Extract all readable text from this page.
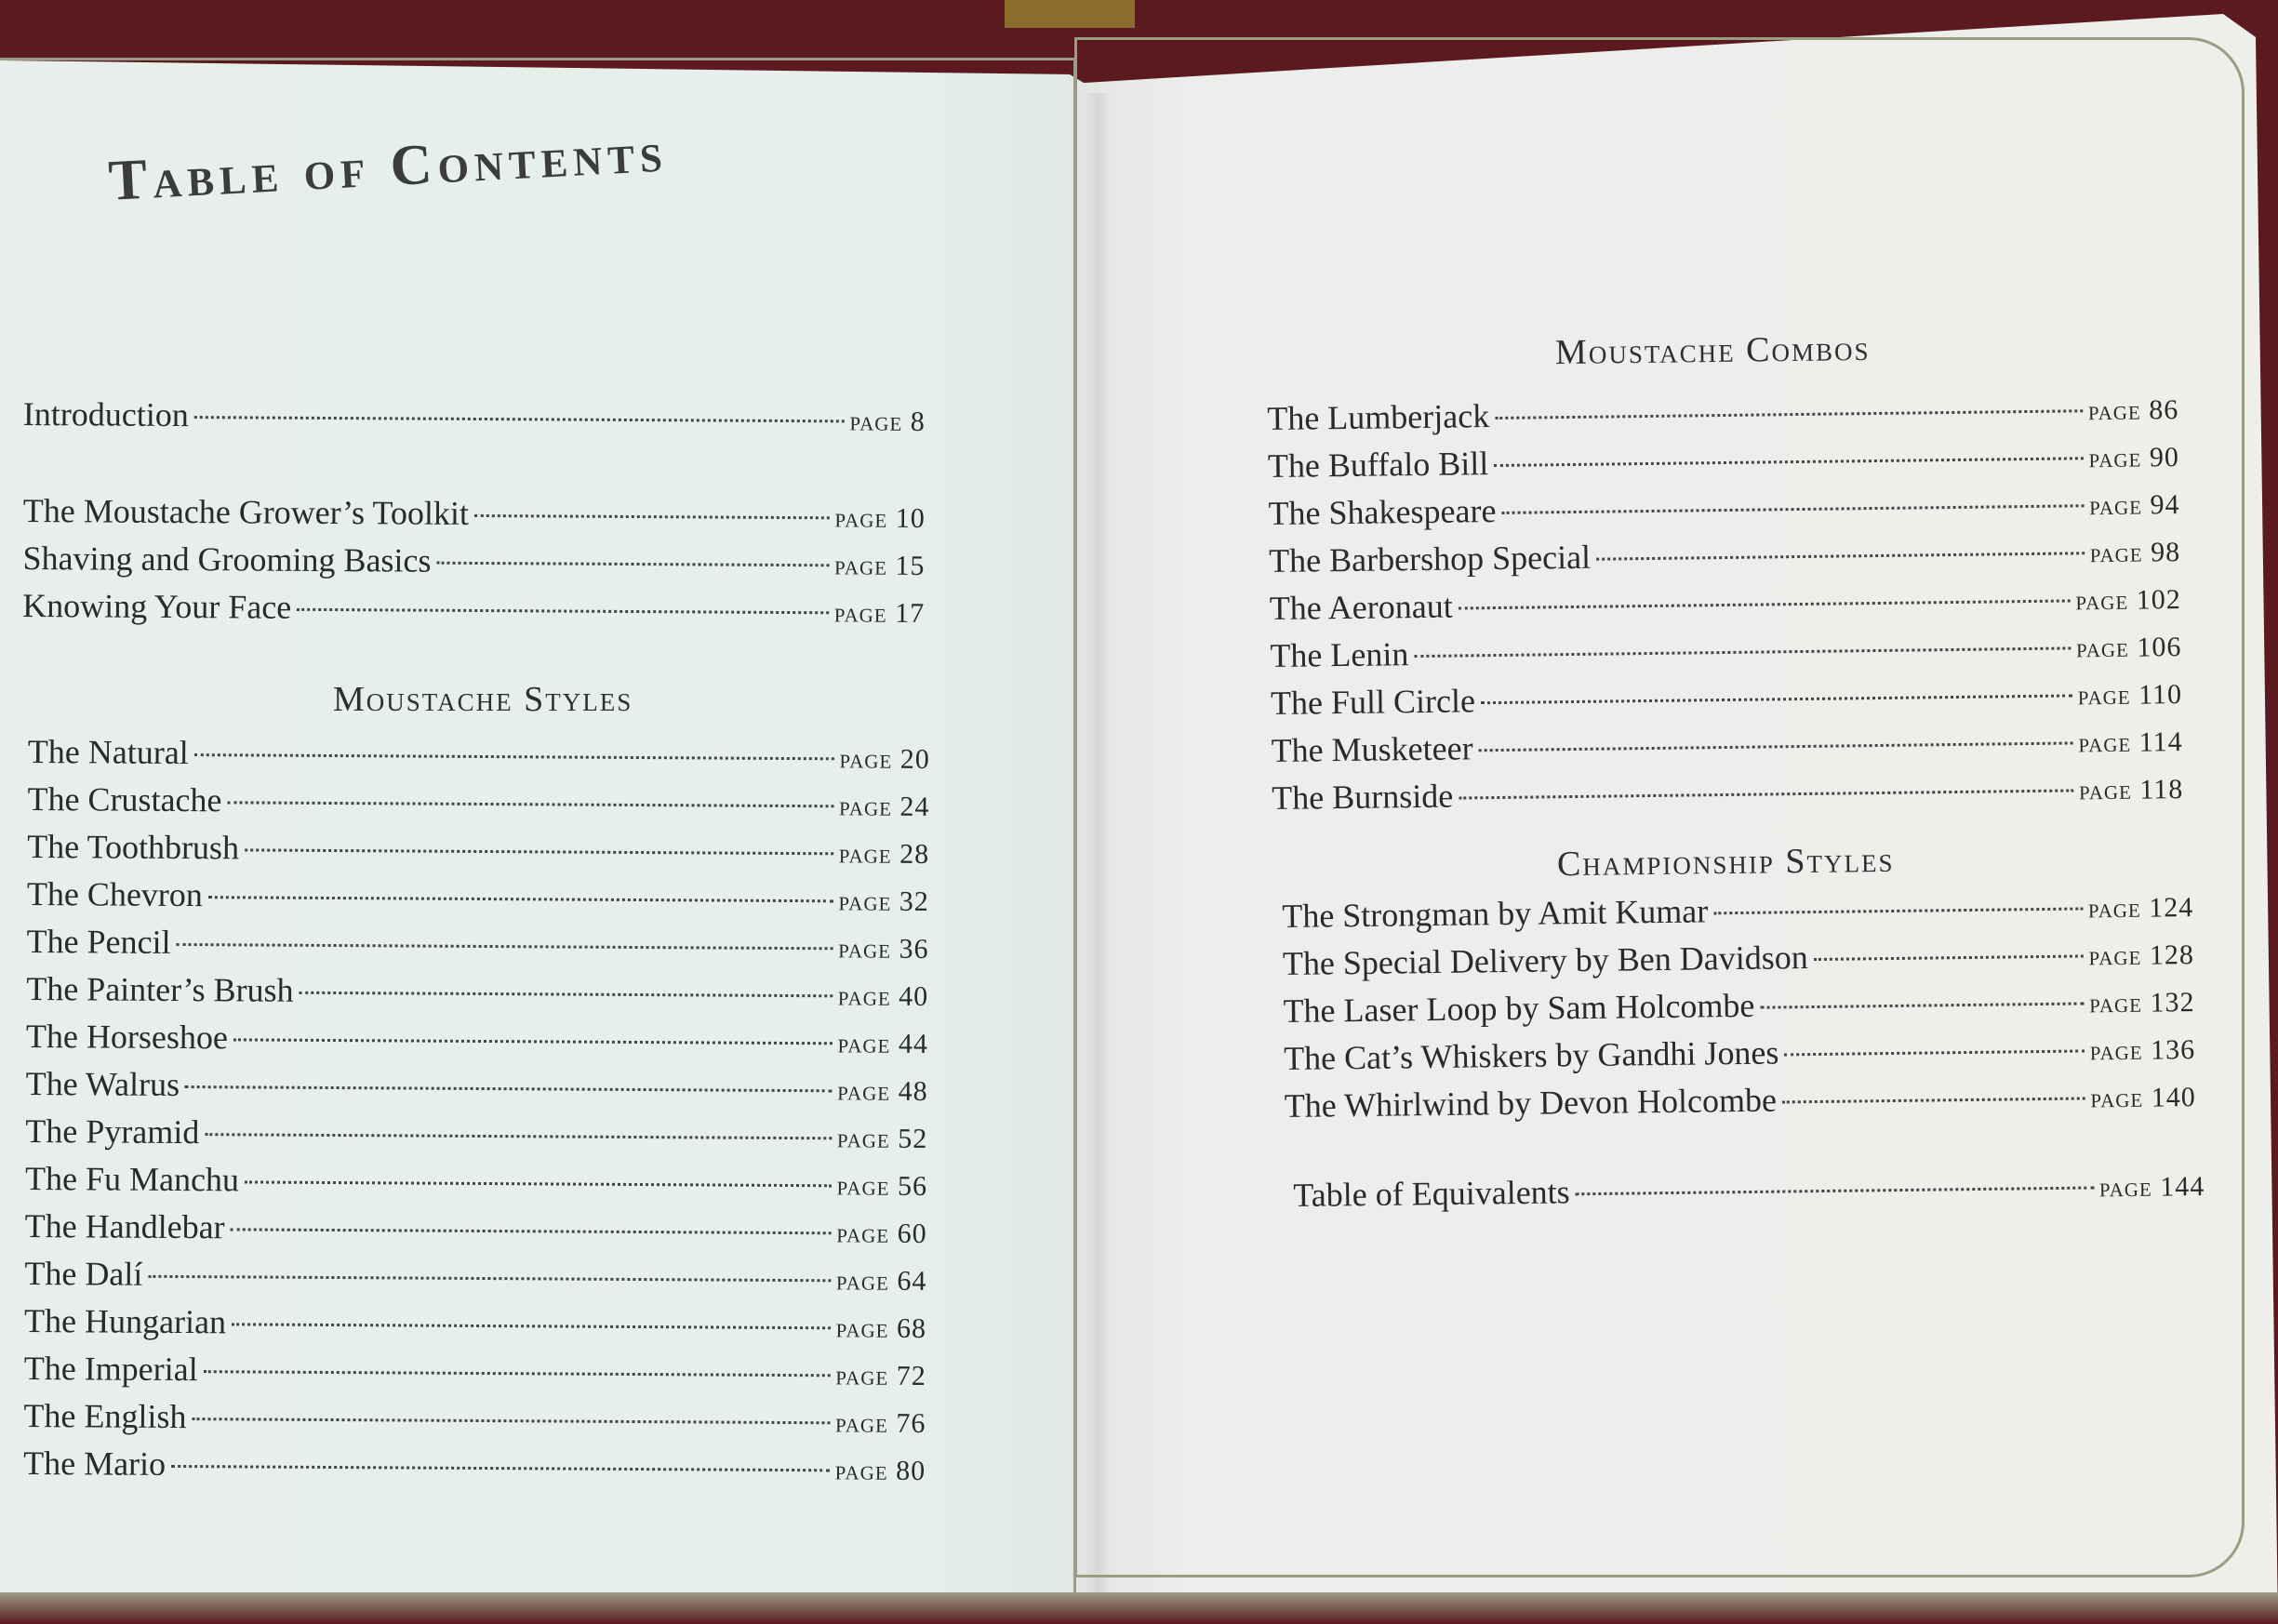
Table of Contents
Introduction	page 8
The Moustache Grower’s Toolkit	page 10
Shaving and Grooming Basics	page 15
Knowing Your Face	page 17
Moustache Styles
The Natural	page 20
The Crustache	page 24
The Toothbrush	page 28
The Chevron	page 32
The Pencil	page 36
The Painter’s Brush	page 40
The Horseshoe	page 44
The Walrus	page 48
The Pyramid	page 52
The Fu Manchu	page 56
The Handlebar	page 60
The Dalí	page 64
The Hungarian	page 68
The Imperial	page 72
The English	page 76
The Mario	page 80
Moustache Combos
The Lumberjack	page 86
The Buffalo Bill	page 90
The Shakespeare	page 94
The Barbershop Special	page 98
The Aeronaut	page 102
The Lenin	page 106
The Full Circle	page 110
The Musketeer	page 114
The Burnside	page 118
Championship Styles
The Strongman by Amit Kumar	page 124
The Special Delivery by Ben Davidson	page 128
The Laser Loop by Sam Holcombe	page 132
The Cat’s Whiskers by Gandhi Jones	page 136
The Whirlwind by Devon Holcombe	page 140
Table of Equivalents	page 144
